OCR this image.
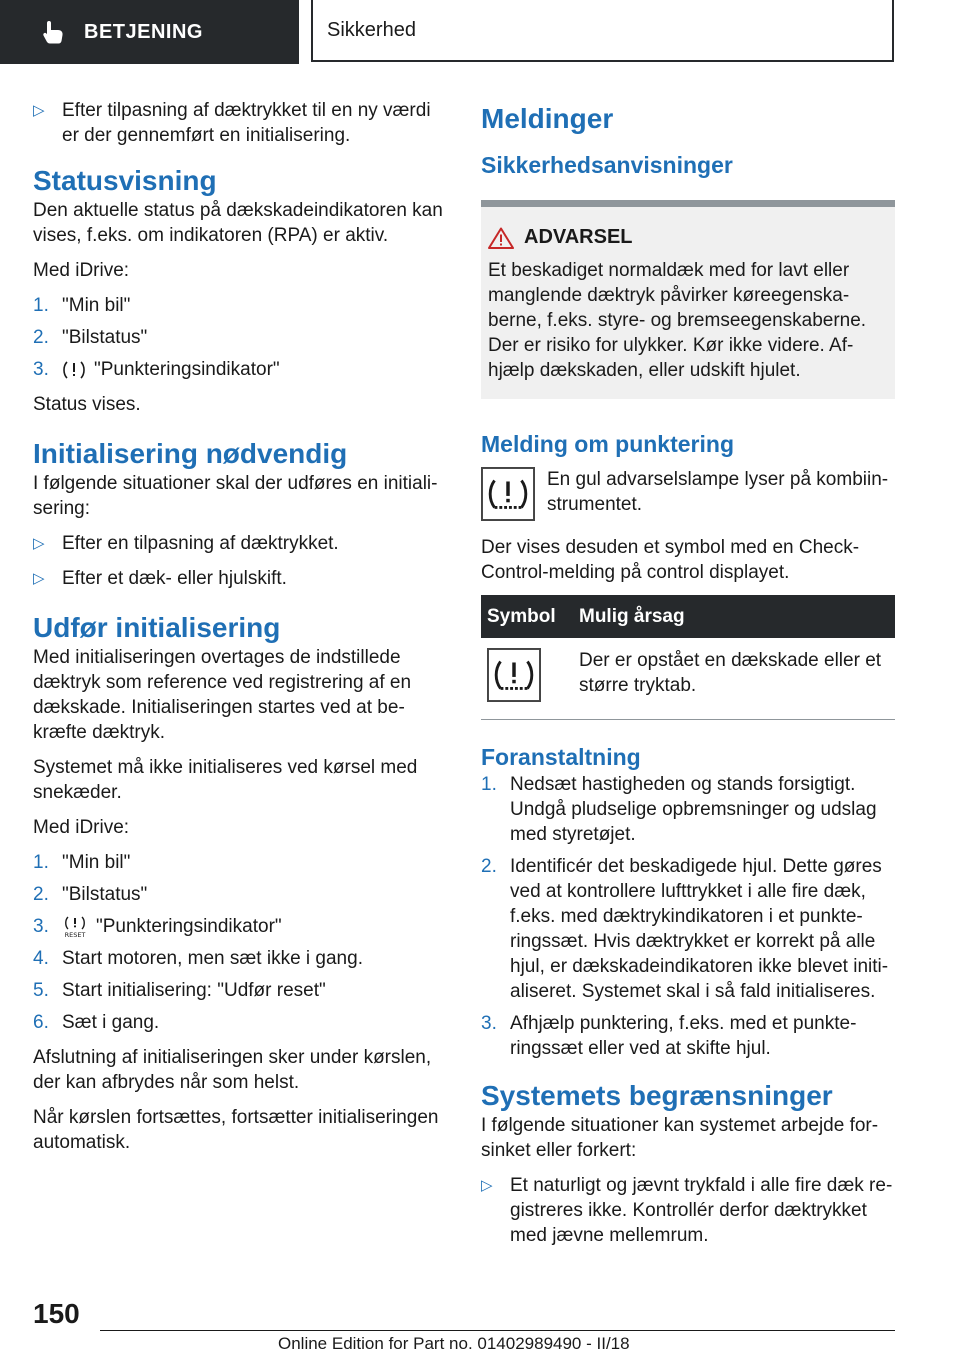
BETJENING	Sikkerhed
▷ Efter tilpasning af dæktrykket til en ny værdi er der gennemført en initialisering.
Statusvisning

Den aktuelle status på dækskadeindikatoren kan vises, f.eks. om indikatoren (RPA) er aktiv.

Med iDrive:

1. "Min bil"
2. "Bilstatus"
3. "Punkteringsindikator"

Status vises.

Initialisering nødvendig

I følgende situationer skal der udføres en initialisering:

▷ Efter en tilpasning af dæktrykket.
▷ Efter et dæk- eller hjulskift.
Udfør initialisering

Med initialiseringen overtages de indstillede dæktryk som reference ved registrering af en dækskade. Initialiseringen startes ved at bekræfte dæktryk.

Systemet må ikke initialiseres ved kørsel med snekæder.

Med iDrive:

1. "Min bil"
2. "Bilstatus"
3. RESET "Punkteringsindikator"
4. Start motoren, men sæt ikke i gang.
5. Start initialisering: "Udfør reset"
6. Sæt i gang.

Afslutning af initialiseringen sker under kørslen, der kan afbrydes når som helst.

Når kørslen fortsættes, fortsætter initialiseringen automatisk.

Meldinger
Sikkerhedsanvisninger
ADVARSEL

Et beskadiget normaldæk med for lavt eller manglende dæktryk påvirker køreegenskaberne, f.eks. styre- og bremseegenskaberne. Der er risiko for ulykker. Kør ikke videre. Afhjælp dækskaden, eller udskift hjulet.

Melding om punktering
En gul advarselslampe lyser på kombiinstrumentet.

Der vises desuden et symbol med en Check-Control-melding på control displayet.

Symbol	Mulig årsag
	Der er opstået en dækskade eller et større tryktab.
Foranstaltning
1. Nedsæt hastigheden og stands forsigtigt. Undgå pludselige opbremsninger og udslag med styretøjet.
2. Identificér det beskadigede hjul. Dette gøres ved at kontrollere lufttrykket i alle fire dæk, f.eks. med dæktrykindikatoren i et punkteringssæt. Hvis dæktrykket er korrekt på alle hjul, er dækskadeindikatoren ikke blevet initialiseret. Systemet skal i så fald initialiseres.
3. Afhjælp punktering, f.eks. med et punkteringssæt eller ved at skifte hjul.
Systemets begrænsninger

I følgende situationer kan systemet arbejde forsinket eller forkert:

▷ Et naturligt og jævnt trykfald i alle fire dæk registreres ikke. Kontrollér derfor dæktrykket med jævne mellemrum.
150
Online Edition for Part no. 01402989490 - II/18
